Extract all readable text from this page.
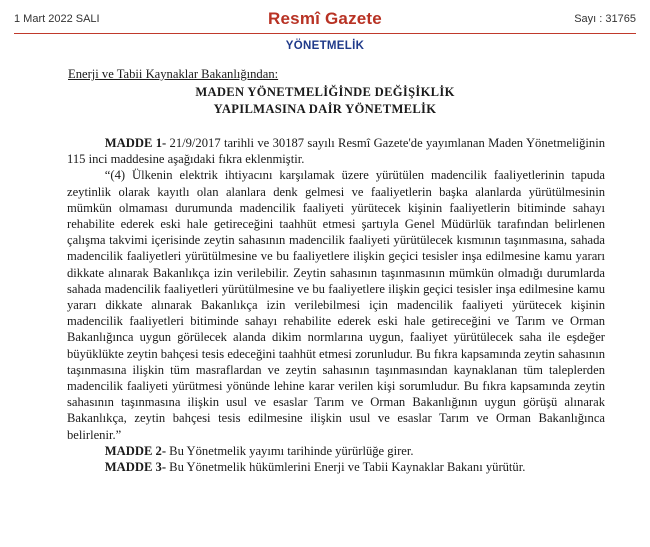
1 Mart 2022 SALI	Resmî Gazete	Sayı : 31765
YÖNETMELİK
Enerji ve Tabii Kaynaklar Bakanlığından:
MADEN YÖNETMELİĞİNDE DEĞİŞİKLİK
YAPILMASINA DAİR YÖNETMELİK

MADDE 1- 21/9/2017 tarihli ve 30187 sayılı Resmî Gazete'de yayımlanan Maden Yönetmeliğinin 115 inci maddesine aşağıdaki fıkra eklenmiştir.

“(4) Ülkenin elektrik ihtiyacını karşılamak üzere yürütülen madencilik faaliyetlerinin tapuda zeytinlik olarak kayıtlı olan alanlara denk gelmesi ve faaliyetlerin başka alanlarda yürütülmesinin mümkün olmaması durumunda madencilik faaliyeti yürütecek kişinin faaliyetlerin bitiminde sahayı rehabilite ederek eski hale getireceğini taahhüt etmesi şartıyla Genel Müdürlük tarafından belirlenen çalışma takvimi içerisinde zeytin sahasının madencilik faaliyeti yürütülecek kısmının taşınmasına, sahada madencilik faaliyetleri yürütülmesine ve bu faaliyetlere ilişkin geçici tesisler inşa edilmesine kamu yararı dikkate alınarak Bakanlıkça izin verilebilir. Zeytin sahasının taşınmasının mümkün olmadığı durumlarda sahada madencilik faaliyetleri yürütülmesine ve bu faaliyetlere ilişkin geçici tesisler inşa edilmesine kamu yararı dikkate alınarak Bakanlıkça izin verilebilmesi için madencilik faaliyeti yürütecek kişinin madencilik faaliyetleri bitiminde sahayı rehabilite ederek eski hale getireceğini ve Tarım ve Orman Bakanlığınca uygun görülecek alanda dikim normlarına uygun, faaliyet yürütülecek saha ile eşdeğer büyüklükte zeytin bahçesi tesis edeceğini taahhüt etmesi zorunludur. Bu fıkra kapsamında zeytin sahasının taşınmasına ilişkin tüm masraflardan ve zeytin sahasının taşınmasından kaynaklanan tüm taleplerden madencilik faaliyeti yürütmesi yönünde lehine karar verilen kişi sorumludur. Bu fıkra kapsamında zeytin sahasının taşınmasına ilişkin usul ve esaslar Tarım ve Orman Bakanlığının uygun görüşü alınarak Bakanlıkça, zeytin bahçesi tesis edilmesine ilişkin usul ve esaslar Tarım ve Orman Bakanlığınca belirlenir.”

MADDE 2- Bu Yönetmelik yayımı tarihinde yürürlüğe girer.

MADDE 3- Bu Yönetmelik hükümlerini Enerji ve Tabii Kaynaklar Bakanı yürütür.
